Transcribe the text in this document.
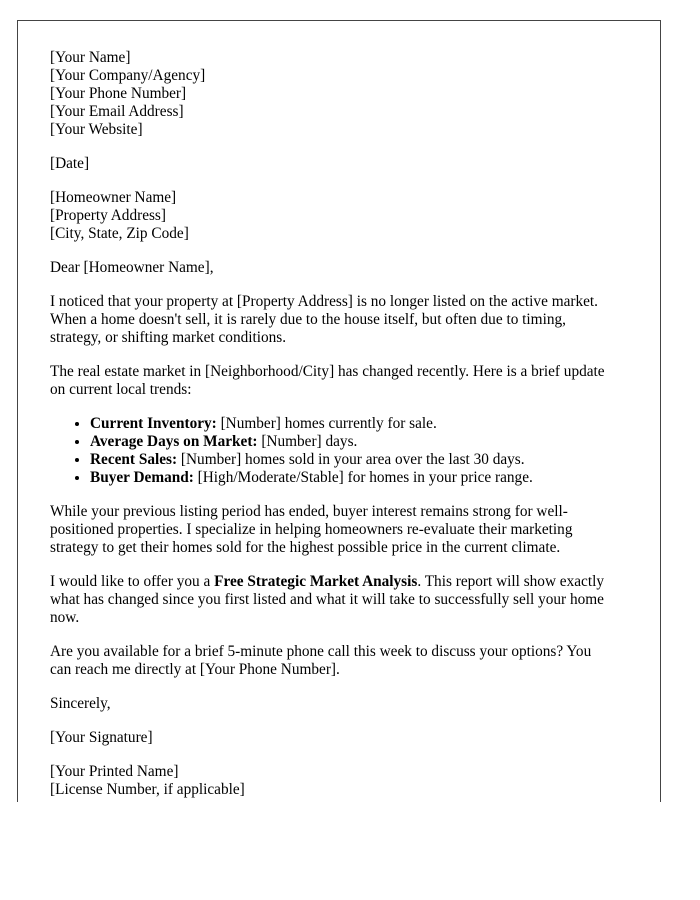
[Your Name]
[Your Company/Agency]
[Your Phone Number]
[Your Email Address]
[Your Website]
[Date]
[Homeowner Name]
[Property Address]
[City, State, Zip Code]
Dear [Homeowner Name],
I noticed that your property at [Property Address] is no longer listed on the active market.
When a home doesn't sell, it is rarely due to the house itself, but often due to timing,
strategy, or shifting market conditions.
The real estate market in [Neighborhood/City] has changed recently. Here is a brief update
on current local trends:
• Current Inventory: [Number] homes currently for sale.
• Average Days on Market: [Number] days.
• Recent Sales: [Number] homes sold in your area over the last 30 days.
• Buyer Demand: [High/Moderate/Stable] for homes in your price range.
While your previous listing period has ended, buyer interest remains strong for well-
positioned properties. I specialize in helping homeowners re-evaluate their marketing
strategy to get their homes sold for the highest possible price in the current climate.
I would like to offer you a Free Strategic Market Analysis. This report will show exactly
what has changed since you first listed and what it will take to successfully sell your home
now.
Are you available for a brief 5-minute phone call this week to discuss your options? You
can reach me directly at [Your Phone Number].
Sincerely,
[Your Signature]
[Your Printed Name]
[License Number, if applicable]
